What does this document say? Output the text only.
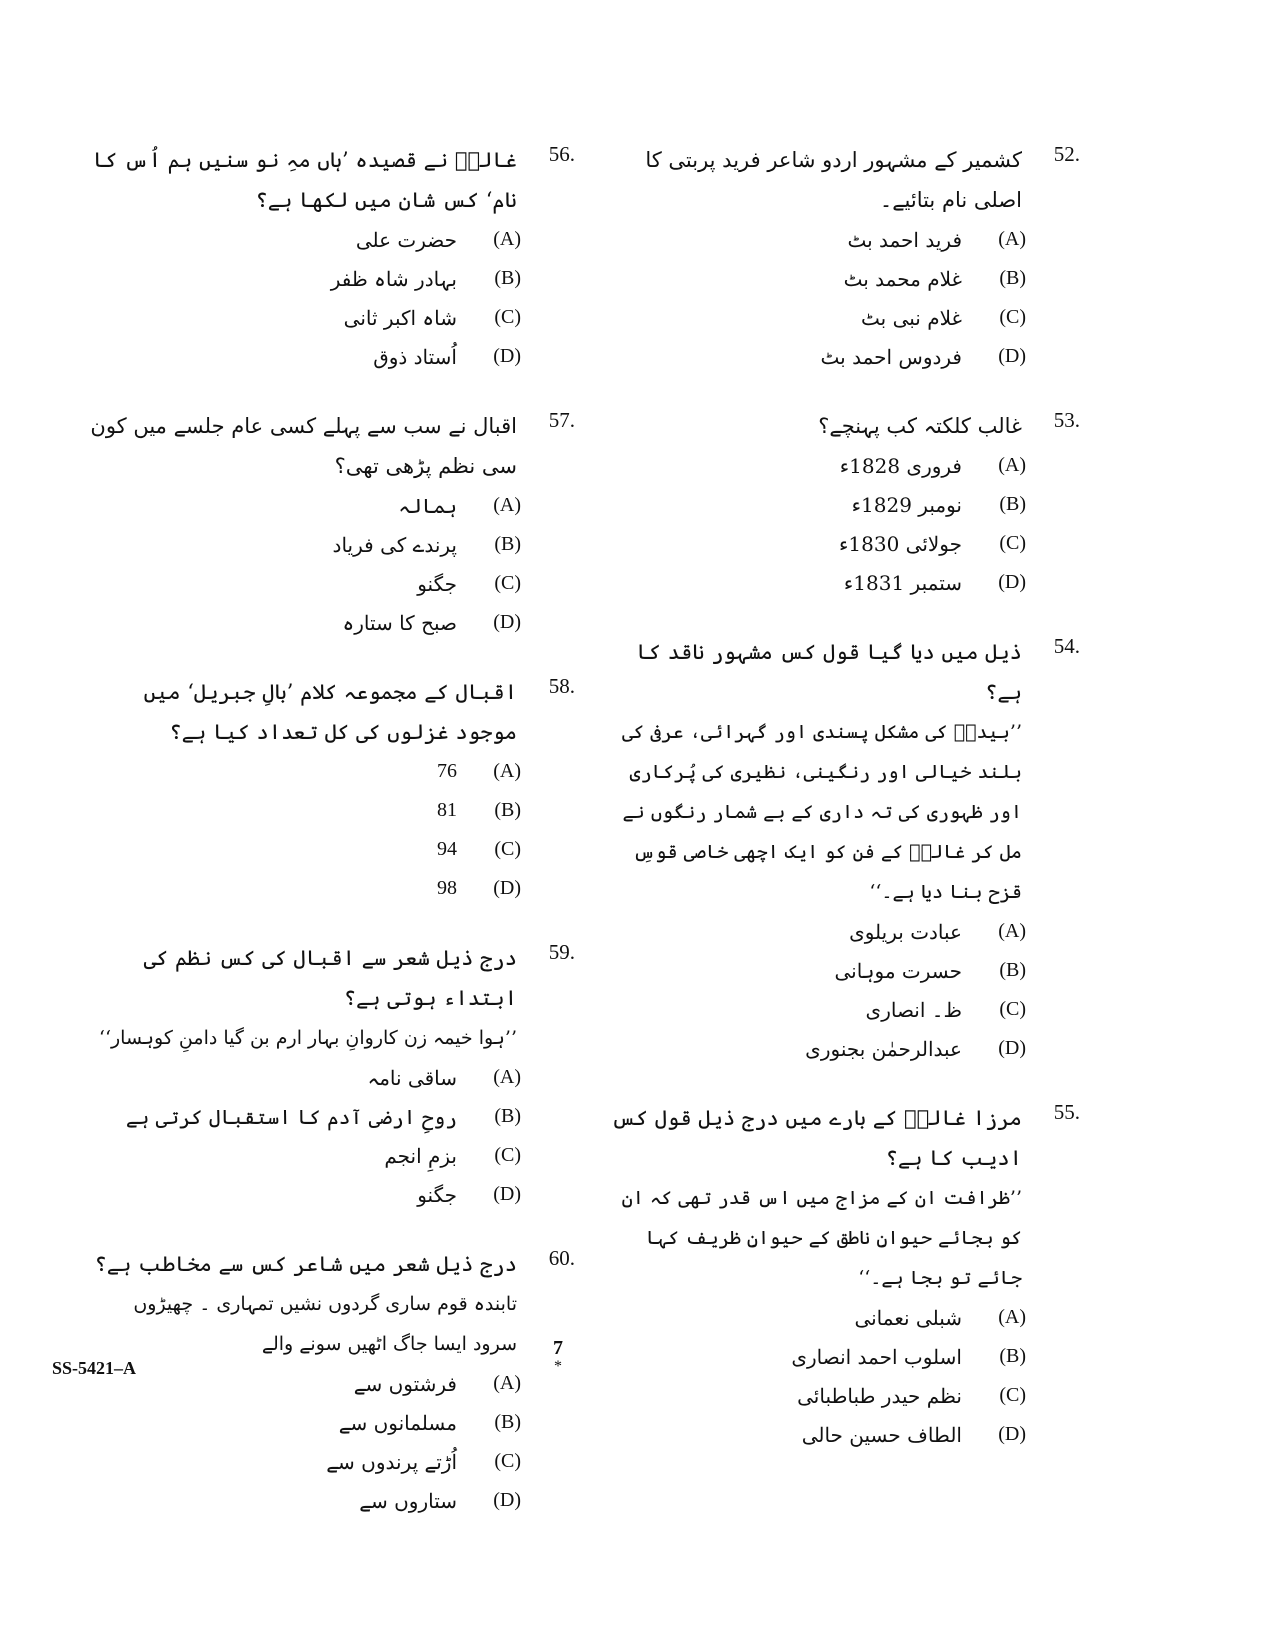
52.
کشمیر کے مشہور اردو شاعر فرید پربتی کا اصلی نام بتائیے۔
(A)
فرید احمد بٹ
(B)
غلام محمد بٹ
(C)
غلام نبی بٹ
(D)
فردوس احمد بٹ
53.
غالب کلکتہ کب پہنچے؟
(A)
فروری 1828ء
(B)
نومبر 1829ء
(C)
جولائی 1830ء
(D)
ستمبر 1831ء
54.
ذیل میں دیا گیا قول کس مشہور ناقد کا ہے؟
’’بیدلؔ کی مشکل پسندی اور گہرائی، عرفی کی بلند خیالی اور رنگینی، نظیری کی پُرکاری اور ظہوری کی تہ داری کے بے شمار رنگوں نے مل کر غالبؔ کے فن کو ایک اچھی خاصی قوسِ قزح بنا دیا ہے۔‘‘
(A)
عبادت بریلوی
(B)
حسرت موہانی
(C)
ظ۔ انصاری
(D)
عبدالرحمٰن بجنوری
55.
مرزا غالبؔ کے بارے میں درج ذیل قول کس ادیب کا ہے؟
’’ظرافت ان کے مزاج میں اس قدر تھی کہ ان کو بجائے حیوانِ ناطق کے حیوانِ ظریف کہا جائے تو بجا ہے۔‘‘
(A)
شبلی نعمانی
(B)
اسلوب احمد انصاری
(C)
نظم حیدر طباطبائی
(D)
الطاف حسین حالی
56.
غالبؔ نے قصیدہ ’ہاں مہِ نو سنیں ہم اُس کا نام‘ کس شان میں لکھا ہے؟
(A)
حضرت علی
(B)
بہادر شاہ ظفر
(C)
شاہ اکبر ثانی
(D)
اُستاد ذوق
57.
اقبال نے سب سے پہلے کسی عام جلسے میں کون سی نظم پڑھی تھی؟
(A)
ہمالہ
(B)
پرندے کی فریاد
(C)
جگنو
(D)
صبح کا ستارہ
58.
اقبال کے مجموعہ کلام ’بالِ جبریل‘ میں موجود غزلوں کی کل تعداد کیا ہے؟
(A)
76
(B)
81
(C)
94
(D)
98
59.
درج ذیل شعر سے اقبال کی کس نظم کی ابتداء ہوتی ہے؟
’’ہوا خیمہ زن کاروانِ بہار ارم بن گیا دامنِ کوہسار‘‘
(A)
ساقی نامہ
(B)
روحِ ارضی آدم کا استقبال کرتی ہے
(C)
بزمِ انجم
(D)
جگنو
60.
درج ذیل شعر میں شاعر کس سے مخاطب ہے؟
تابندہ قوم ساری گردوں نشیں تمہاری ۔ چھیڑوں سرود ایسا جاگ اٹھیں سونے والے
(A)
فرشتوں سے
(B)
مسلمانوں سے
(C)
اُڑتے پرندوں سے
(D)
ستاروں سے
SS-5421–A
7
*
